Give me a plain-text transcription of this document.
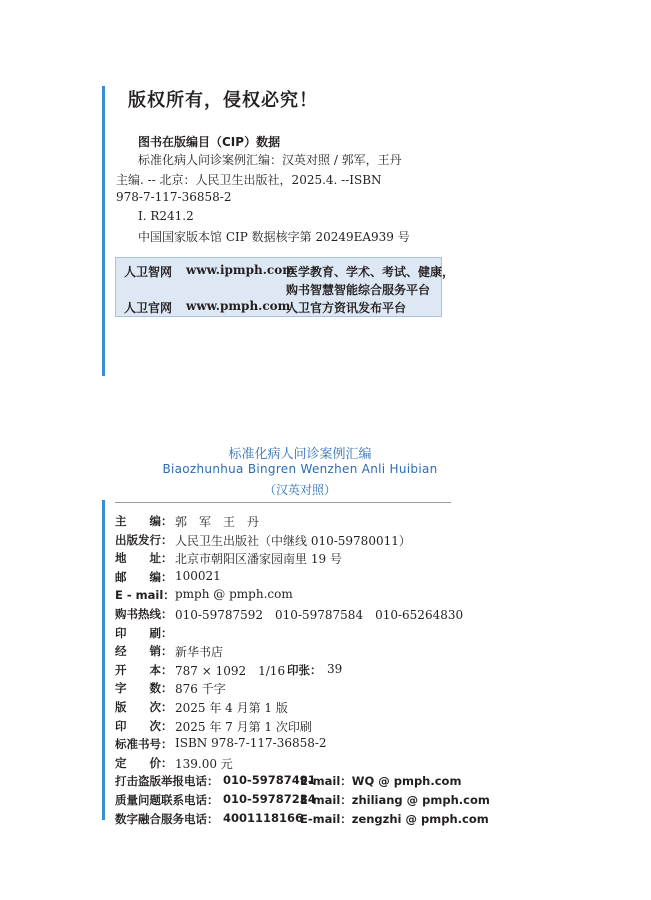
版权所有，侵权必究！
图书在版编目（CIP）数据
标准化病人问诊案例汇编：汉英对照 / 郭军，王丹
主编. -- 北京：人民卫生出版社，2025.4. --ISBN
978-7-117-36858-2
Ⅰ. R241.2
中国国家版本馆 CIP 数据核字第 20249EA939 号
人卫智网 www.ipmph.com
医学教育、学术、考试、健康，
购书智慧智能综合服务平台
人卫官网 www.pmph.com
人卫官方资讯发布平台
标准化病人问诊案例汇编
Biaozhunhua Bingren Wenzhen Anli Huibian
（汉英对照）
主　　编： 郭　军　王　丹
出版发行： 人民卫生出版社（中继线 010-59780011）
地　　址： 北京市朝阳区潘家园南里 19 号
邮　　编： 100021
E - mail： pmph @ pmph.com
购书热线： 010-59787592　010-59787584　010-65264830
印　　刷：
经　　销： 新华书店
开　　本： 787 × 1092　1/16 印张： 39
字　　数： 876 千字
版　　次： 2025 年 4 月第 1 版
印　　次： 2025 年 7 月第 1 次印刷
标准书号： ISBN 978-7-117-36858-2
定　　价： 139.00 元
打击盗版举报电话： 010-59787491
E-mail：WQ @ pmph.com
质量问题联系电话： 010-59787234
E-mail：zhiliang @ pmph.com
数字融合服务电话： 4001118166
E-mail：zengzhi @ pmph.com
